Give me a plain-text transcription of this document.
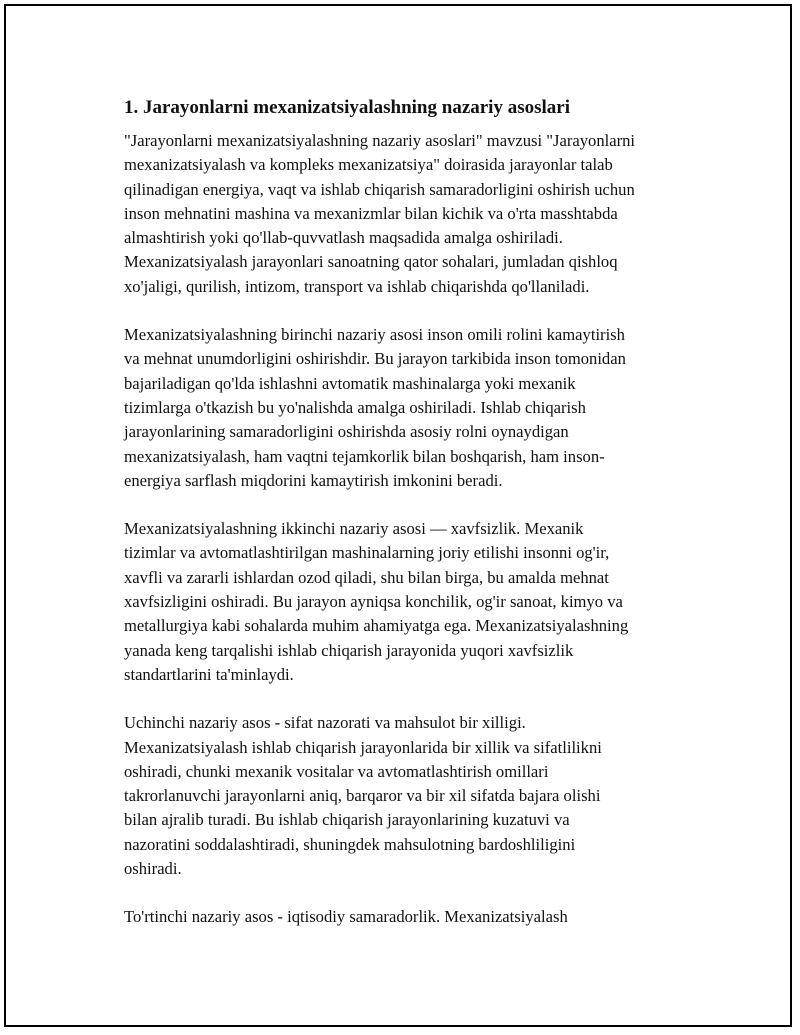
1. Jarayonlarni mexanizatsiyalashning nazariy asoslari
"Jarayonlarni mexanizatsiyalashning nazariy asoslari" mavzusi "Jarayonlarni
mexanizatsiyalash va kompleks mexanizatsiya" doirasida jarayonlar talab
qilinadigan energiya, vaqt va ishlab chiqarish samaradorligini oshirish uchun
inson mehnatini mashina va mexanizmlar bilan kichik va o'rta masshtabda
almashtirish yoki qo'llab-quvvatlash maqsadida amalga oshiriladi.
Mexanizatsiyalash jarayonlari sanoatning qator sohalari, jumladan qishloq
xo'jaligi, qurilish, intizom, transport va ishlab chiqarishda qo'llaniladi.
Mexanizatsiyalashning birinchi nazariy asosi inson omili rolini kamaytirish
va mehnat unumdorligini oshirishdir. Bu jarayon tarkibida inson tomonidan
bajariladigan qo'lda ishlashni avtomatik mashinalarga yoki mexanik
tizimlarga o'tkazish bu yo'nalishda amalga oshiriladi. Ishlab chiqarish
jarayonlarining samaradorligini oshirishda asosiy rolni oynaydigan
mexanizatsiyalash, ham vaqtni tejamkorlik bilan boshqarish, ham inson-
energiya sarflash miqdorini kamaytirish imkonini beradi.
Mexanizatsiyalashning ikkinchi nazariy asosi — xavfsizlik. Mexanik
tizimlar va avtomatlashtirilgan mashinalarning joriy etilishi insonni og'ir,
xavfli va zararli ishlardan ozod qiladi, shu bilan birga, bu amalda mehnat
xavfsizligini oshiradi. Bu jarayon ayniqsa konchilik, og'ir sanoat, kimyo va
metallurgiya kabi sohalarda muhim ahamiyatga ega. Mexanizatsiyalashning
yanada keng tarqalishi ishlab chiqarish jarayonida yuqori xavfsizlik
standartlarini ta'minlaydi.
Uchinchi nazariy asos - sifat nazorati va mahsulot bir xilligi.
Mexanizatsiyalash ishlab chiqarish jarayonlarida bir xillik va sifatlilikni
oshiradi, chunki mexanik vositalar va avtomatlashtirish omillari
takrorlanuvchi jarayonlarni aniq, barqaror va bir xil sifatda bajara olishi
bilan ajralib turadi. Bu ishlab chiqarish jarayonlarining kuzatuvi va
nazoratini soddalashtiradi, shuningdek mahsulotning bardoshliligini
oshiradi.
To'rtinchi nazariy asos - iqtisodiy samaradorlik. Mexanizatsiyalash
